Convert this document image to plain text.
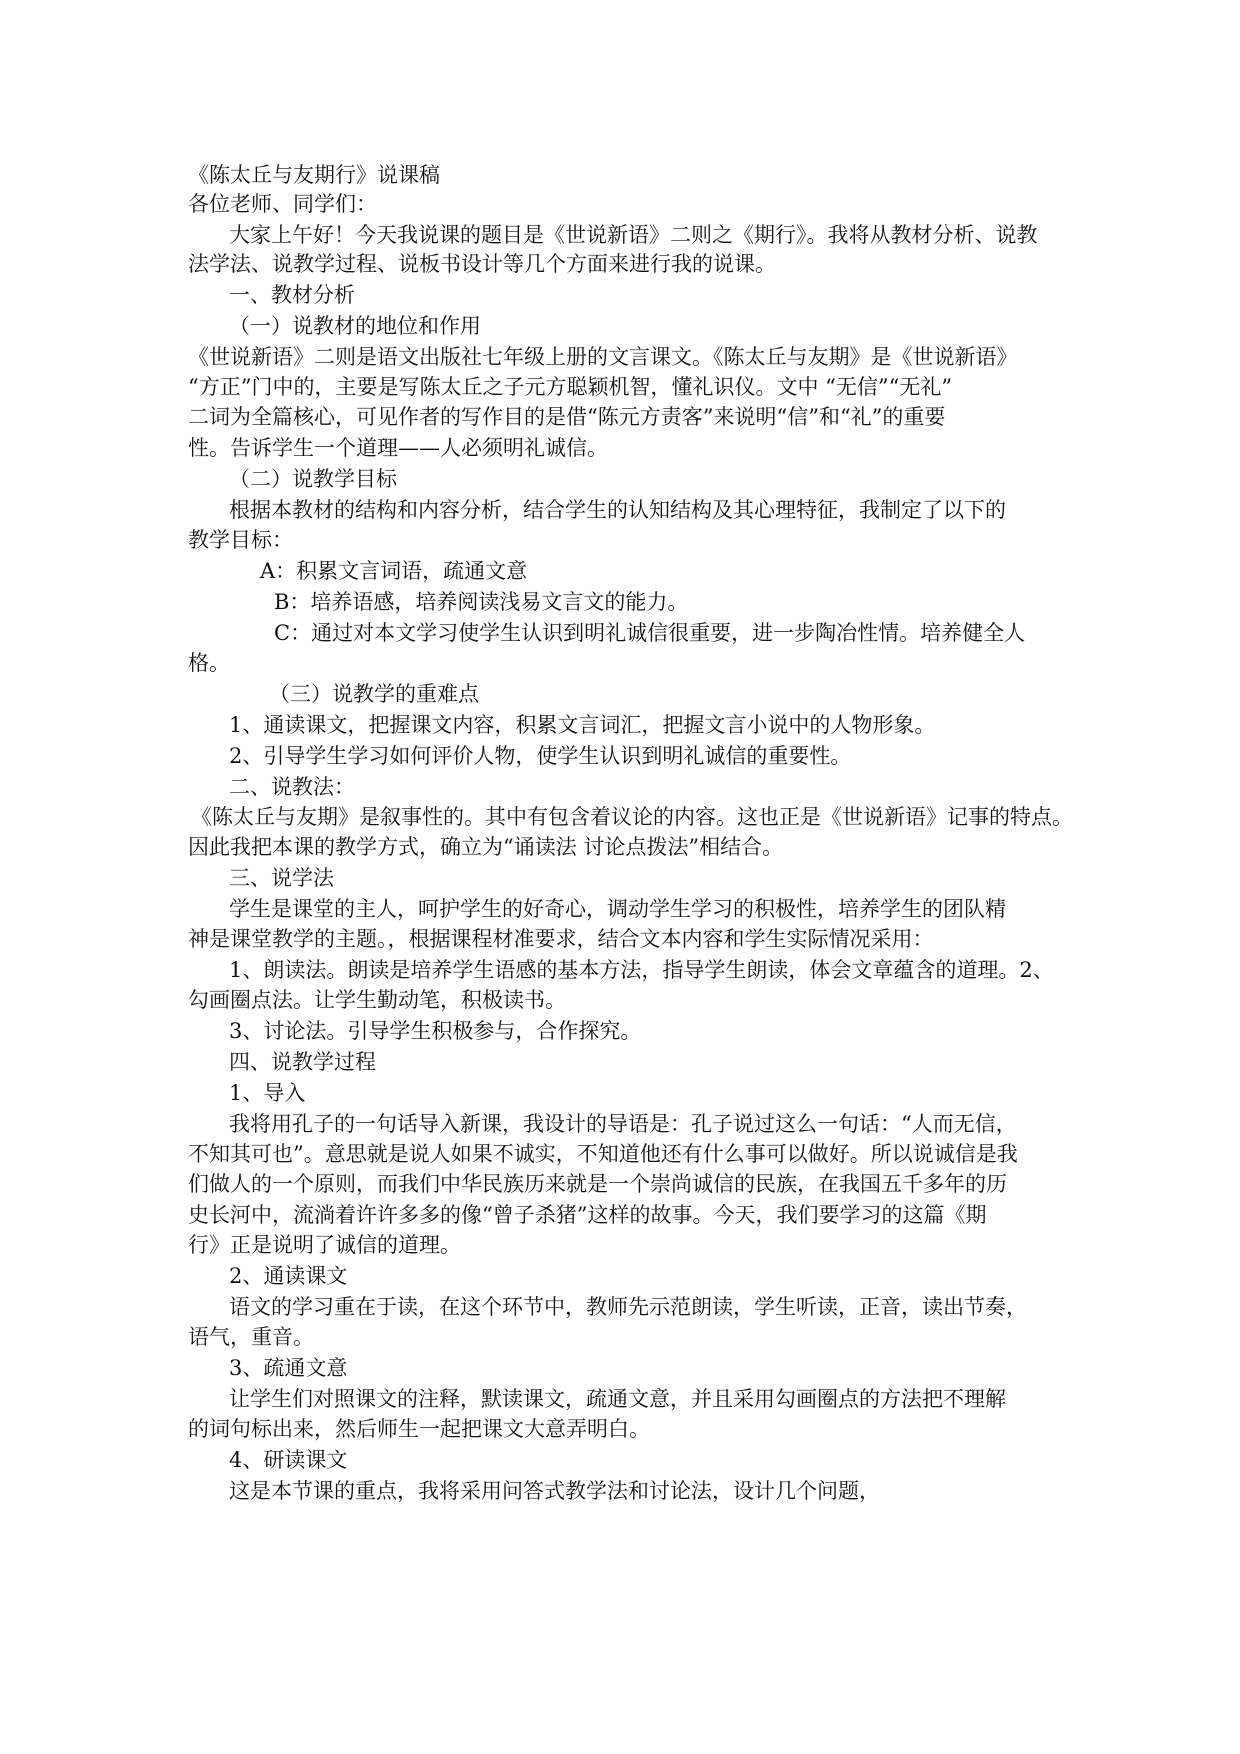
《陈太丘与友期行》说课稿
各位老师、同学们：
大家上午好！今天我说课的题目是《世说新语》二则之《期行》。我将从教材分析、说教
法学法、说教学过程、说板书设计等几个方面来进行我的说课。
一、教材分析
（一）说教材的地位和作用
《世说新语》二则是语文出版社七年级上册的文言课文。《陈太丘与友期》是《世说新语》
“方正”门中的，主要是写陈太丘之子元方聪颖机智，懂礼识仪。文中 “无信”“无礼”
二词为全篇核心，可见作者的写作目的是借“陈元方责客”来说明“信”和“礼”的重要
性。告诉学生一个道理——人必须明礼诚信。
（二）说教学目标
根据本教材的结构和内容分析，结合学生的认知结构及其心理特征，我制定了以下的
教学目标：
A：积累文言词语，疏通文意
B：培养语感，培养阅读浅易文言文的能力。
C：通过对本文学习使学生认识到明礼诚信很重要，进一步陶冶性情。培养健全人
格。
（三）说教学的重难点
1、通读课文，把握课文内容，积累文言词汇，把握文言小说中的人物形象。
2、引导学生学习如何评价人物，使学生认识到明礼诚信的重要性。
二、说教法：
《陈太丘与友期》是叙事性的。其中有包含着议论的内容。这也正是《世说新语》记事的特点。
因此我把本课的教学方式，确立为“诵读法 讨论点拨法”相结合。
三、说学法
学生是课堂的主人，呵护学生的好奇心，调动学生学习的积极性，培养学生的团队精
神是课堂教学的主题。，根据课程材准要求，结合文本内容和学生实际情况采用：
1、朗读法。朗读是培养学生语感的基本方法，指导学生朗读，体会文章蕴含的道理。2、
勾画圈点法。让学生勤动笔，积极读书。
3、讨论法。引导学生积极参与，合作探究。
四、说教学过程
1、导入
我将用孔子的一句话导入新课，我设计的导语是：孔子说过这么一句话：“人而无信，
不知其可也”。意思就是说人如果不诚实，不知道他还有什么事可以做好。所以说诚信是我
们做人的一个原则，而我们中华民族历来就是一个崇尚诚信的民族，在我国五千多年的历
史长河中，流淌着许许多多的像“曾子杀猪”这样的故事。今天，我们要学习的这篇《期
行》正是说明了诚信的道理。
2、通读课文
语文的学习重在于读，在这个环节中，教师先示范朗读，学生听读，正音，读出节奏，
语气，重音。
3、疏通文意
让学生们对照课文的注释，默读课文，疏通文意，并且采用勾画圈点的方法把不理解
的词句标出来，然后师生一起把课文大意弄明白。
4、研读课文
这是本节课的重点，我将采用问答式教学法和讨论法，设计几个问题，
